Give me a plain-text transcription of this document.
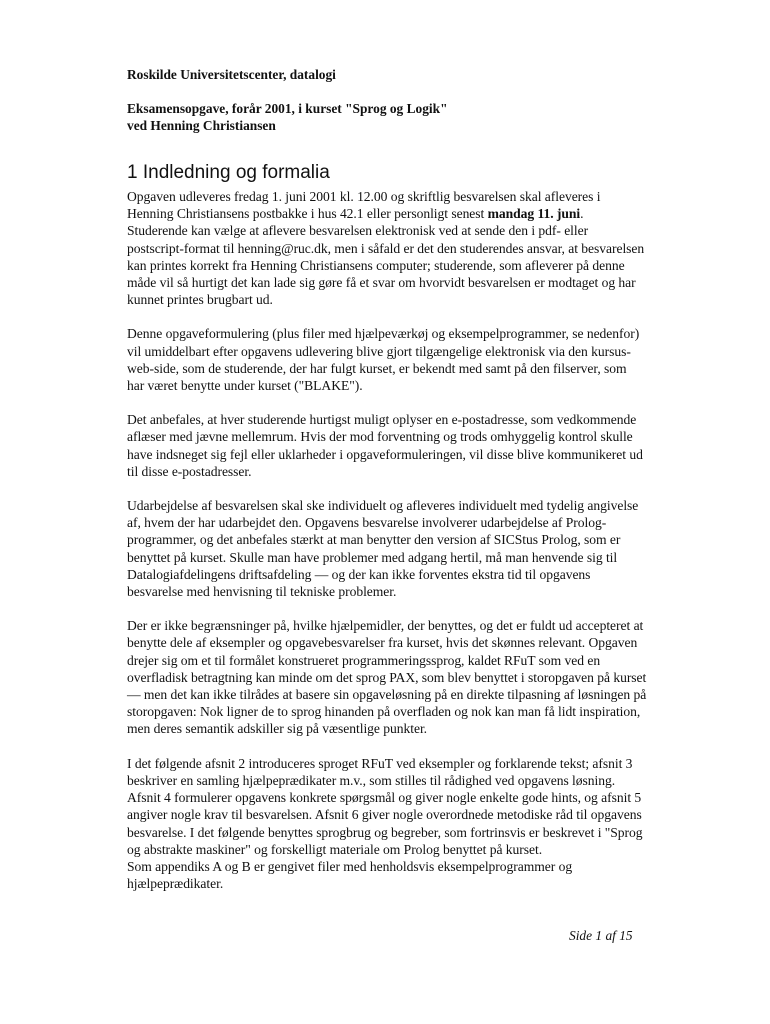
Roskilde Universitetscenter, datalogi
Eksamensopgave, forår 2001, i kurset "Sprog og Logik"
ved Henning Christiansen
1 Indledning og formalia

Opgaven udleveres fredag 1. juni 2001 kl. 12.00 og skriftlig besvarelsen skal afleveres i Henning Christiansens postbakke i hus 42.1 eller personligt senest mandag 11. juni. Studerende kan vælge at aflevere besvarelsen elektronisk ved at sende den i pdf- eller postscript-format til henning@ruc.dk, men i såfald er det den studerendes ansvar, at besvarelsen kan printes korrekt fra Henning Christiansens computer; studerende, som afleverer på denne måde vil så hurtigt det kan lade sig gøre få et svar om hvorvidt besvarelsen er modtaget og har kunnet printes brugbart ud.

Denne opgaveformulering (plus filer med hjælpeværkøj og eksempelprogrammer, se nedenfor) vil umiddelbart efter opgavens udlevering blive gjort tilgængelige elektronisk via den kursus-web-side, som de studerende, der har fulgt kurset, er bekendt med samt på den filserver, som har været benytte under kurset ("BLAKE").

Det anbefales, at hver studerende hurtigst muligt oplyser en e-postadresse, som vedkommende aflæser med jævne mellemrum. Hvis der mod forventning og trods omhyggelig kontrol skulle have indsneget sig fejl eller uklarheder i opgaveformuleringen, vil disse blive kommunikeret ud til disse e-postadresser.

Udarbejdelse af besvarelsen skal ske individuelt og afleveres individuelt med tydelig angivelse af, hvem der har udarbejdet den. Opgavens besvarelse involverer udarbejdelse af Prolog-programmer, og det anbefales stærkt at man benytter den version af SICStus Prolog, som er benyttet på kurset. Skulle man have problemer med adgang hertil, må man henvende sig til Datalogiafdelingens driftsafdeling — og der kan ikke forventes ekstra tid til opgavens besvarelse med henvisning til tekniske problemer.

Der er ikke begrænsninger på, hvilke hjælpemidler, der benyttes, og det er fuldt ud accepteret at benytte dele af eksempler og opgavebesvarelser fra kurset, hvis det skønnes relevant. Opgaven drejer sig om et til formålet konstrueret programmeringssprog, kaldet RFuT som ved en overfladisk betragtning kan minde om det sprog PAX, som blev benyttet i storopgaven på kurset — men det kan ikke tilrådes at basere sin opgaveløsning på en direkte tilpasning af løsningen på storopgaven: Nok ligner de to sprog hinanden på overfladen og nok kan man få lidt inspiration, men deres semantik adskiller sig på væsentlige punkter.

I det følgende afsnit 2 introduceres sproget RFuT ved eksempler og forklarende tekst; afsnit 3 beskriver en samling hjælpeprædikater m.v., som stilles til rådighed ved opgavens løsning. Afsnit 4 formulerer opgavens konkrete spørgsmål og giver nogle enkelte gode hints, og afsnit 5 angiver nogle krav til besvarelsen. Afsnit 6 giver nogle overordnede metodiske råd til opgavens besvarelse. I det følgende benyttes sprogbrug og begreber, som fortrinsvis er beskrevet i "Sprog og abstrakte maskiner" og forskelligt materiale om Prolog benyttet på kurset.

Som appendiks A og B er gengivet filer med henholdsvis eksempelprogrammer og hjælpeprædikater.

Side 1 af 15
